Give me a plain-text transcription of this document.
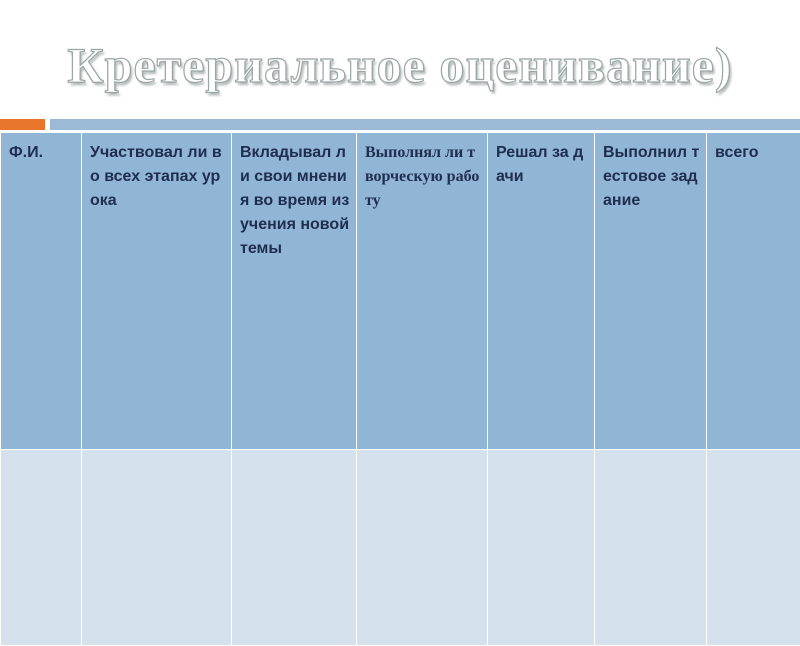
Кретериальное оценивание)
Ф.И.	Участвовал ли во всех этапах урока	Вкладывал ли свои мнения во время изучения новой темы	Выполнял ли творческую работу	Решал за дачи	Выполнил тестовое задание	всего
